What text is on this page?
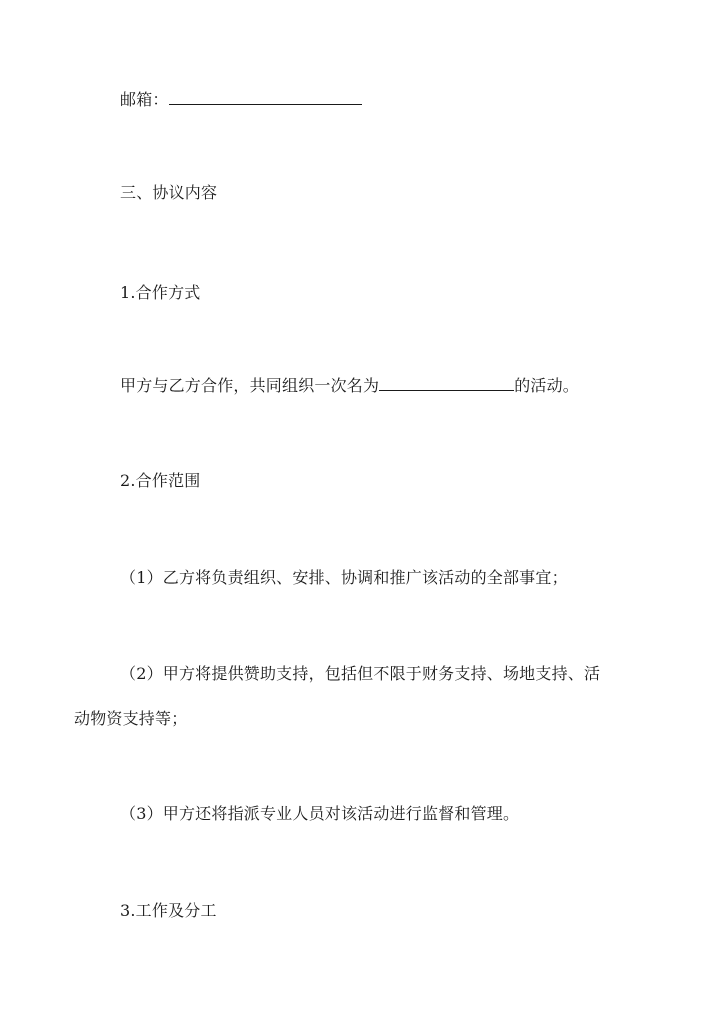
邮箱：
三、协议内容
1.合作方式
甲方与乙方合作，共同组织一次名为	的活动。
2.合作范围
（1）乙方将负责组织、安排、协调和推广该活动的全部事宜；
（2）甲方将提供赞助支持，包括但不限于财务支持、场地支持、活
动物资支持等；
（3）甲方还将指派专业人员对该活动进行监督和管理。
3.工作及分工
